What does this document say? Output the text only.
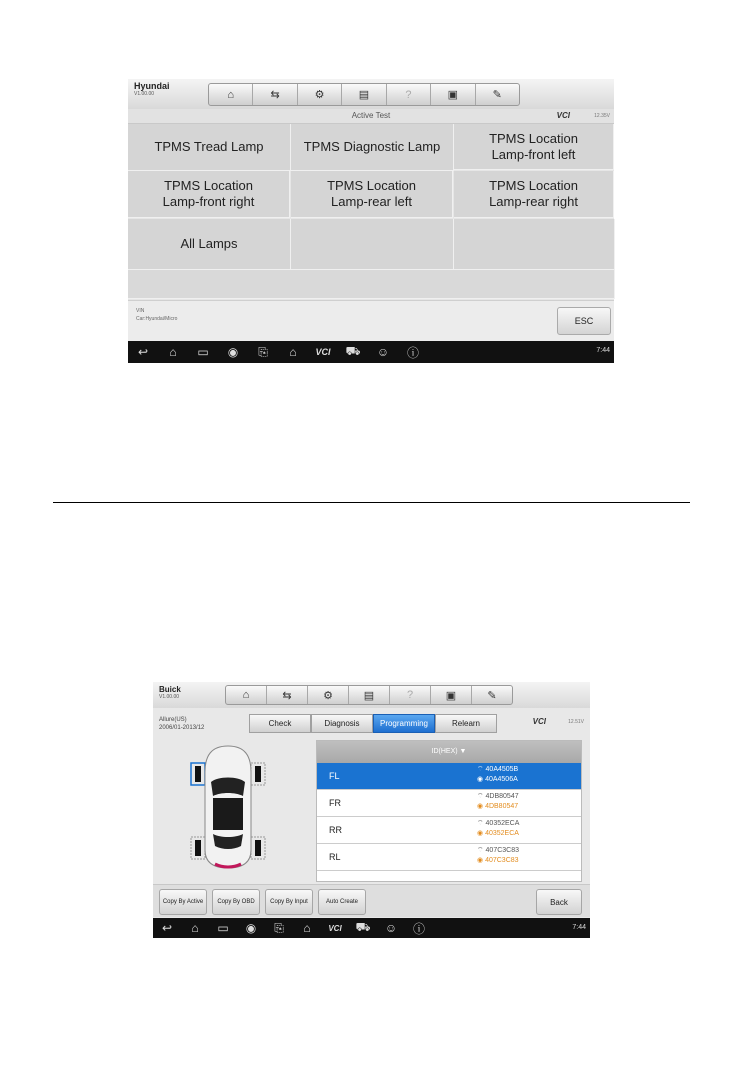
Hyundai
V1.00.00	⌂	⇆	⚙	▤	?	▣	✎
Active Test	VCI	12.35V
TPMS Tread Lamp	TPMS Diagnostic Lamp
TPMS Location Lamp-front left
TPMS Location Lamp-front right
TPMS Location Lamp-rear left
TPMS Location Lamp-rear right
All Lamps
VIN
Car:Hyundai/Micro	ESC
↩	⌂	▭	◉	⎘	⌂	VCI	⛟	☺	ⓘ	7:44
Buick
V1.00.00	⌂	⇆	⚙	▤	?	▣	✎
Allure(US)
2006/01-2013/12	Check	Diagnosis	Programming	Relearn	VCI	12.51V
ID(HEX) ▼
FL
⌔ 40A4505B
◉ 40A4506A
FR
⌔ 4DB80547
◉ 4DB80547
RR
⌔ 40352ECA
◉ 40352ECA
RL
⌔ 407C3C83
◉ 407C3C83
Copy By Active	Copy By OBD	Copy By Input	Auto Create	Back
↩	⌂	▭	◉	⎘	⌂	VCI	⛟	☺	ⓘ	7:44
